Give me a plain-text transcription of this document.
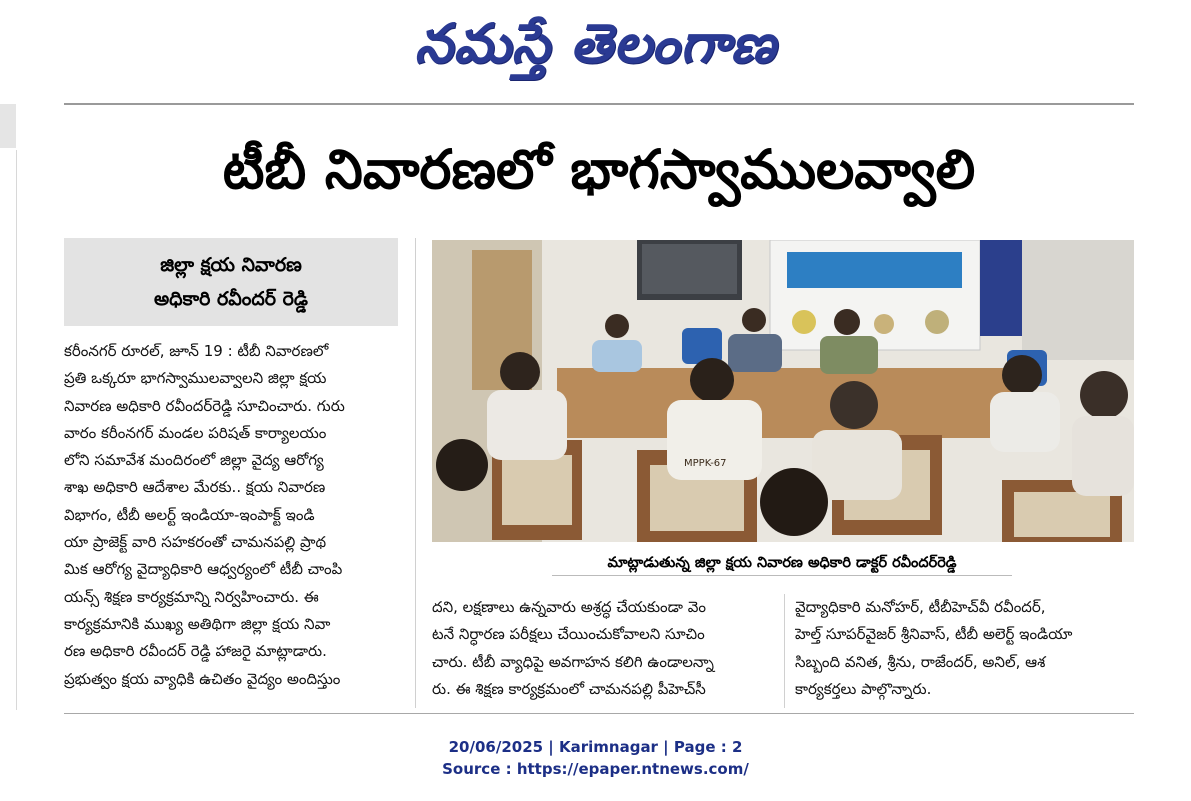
నమస్తే తెలంగాణ
టీబీ నివారణలో భాగస్వాములవ్వాలి
జిల్లా క్షయ నివారణ
అధికారి రవీందర్ రెడ్డి
MPPK-67
మాట్లాడుతున్న జిల్లా క్షయ నివారణ అధికారి డాక్టర్ రవీందర్‌రెడ్డి
కరీంనగర్ రూరల్, జూన్ 19 : టీబీ నివారణలో
ప్రతి ఒక్కరూ భాగస్వాములవ్వాలని జిల్లా క్షయ
నివారణ అధికారి రవీందర్‌రెడ్డి సూచించారు. గురు
వారం కరీంనగర్ మండల పరిషత్ కార్యాలయం
లోని సమావేశ మందిరంలో జిల్లా వైద్య ఆరోగ్య
శాఖ అధికారి ఆదేశాల మేరకు.. క్షయ నివారణ
విభాగం, టీబీ అలర్ట్ ఇండియా-ఇంపాక్ట్ ఇండి
యా ప్రాజెక్ట్ వారి సహకరంతో చామనపల్లి ప్రాథ
మిక ఆరోగ్య వైద్యాధికారి ఆధ్వర్యంలో టీబీ చాంపి
యన్స్ శిక్షణ కార్యక్రమాన్ని నిర్వహించారు. ఈ
కార్యక్రమానికి ముఖ్య అతిథిగా జిల్లా క్షయ నివా
రణ అధికారి రవీందర్ రెడ్డి హాజరై మాట్లాడారు.
ప్రభుత్వం క్షయ వ్యాధికి ఉచితం వైద్యం అందిస్తుం
దని, లక్షణాలు ఉన్నవారు అశ్రద్ధ చేయకుండా వెం
టనే నిర్ధారణ పరీక్షలు చేయించుకోవాలని సూచిం
చారు. టీబీ వ్యాధిపై అవగాహన కలిగి ఉండాలన్నా
రు. ఈ శిక్షణ కార్యక్రమంలో చామనపల్లి పీహెచ్‌సీ
వైద్యాధికారి మనోహర్, టీబీహెచ్‌వీ రవీందర్,
హెల్త్ సూపర్‌వైజర్ శ్రీనివాస్, టీబీ అలెర్ట్ ఇండియా
సిబ్బంది వనిత, శ్రీను, రాజేందర్, అనిల్, ఆశ
కార్యకర్తలు పాల్గొన్నారు.
20/06/2025 | Karimnagar | Page : 2
Source : https://epaper.ntnews.com/
